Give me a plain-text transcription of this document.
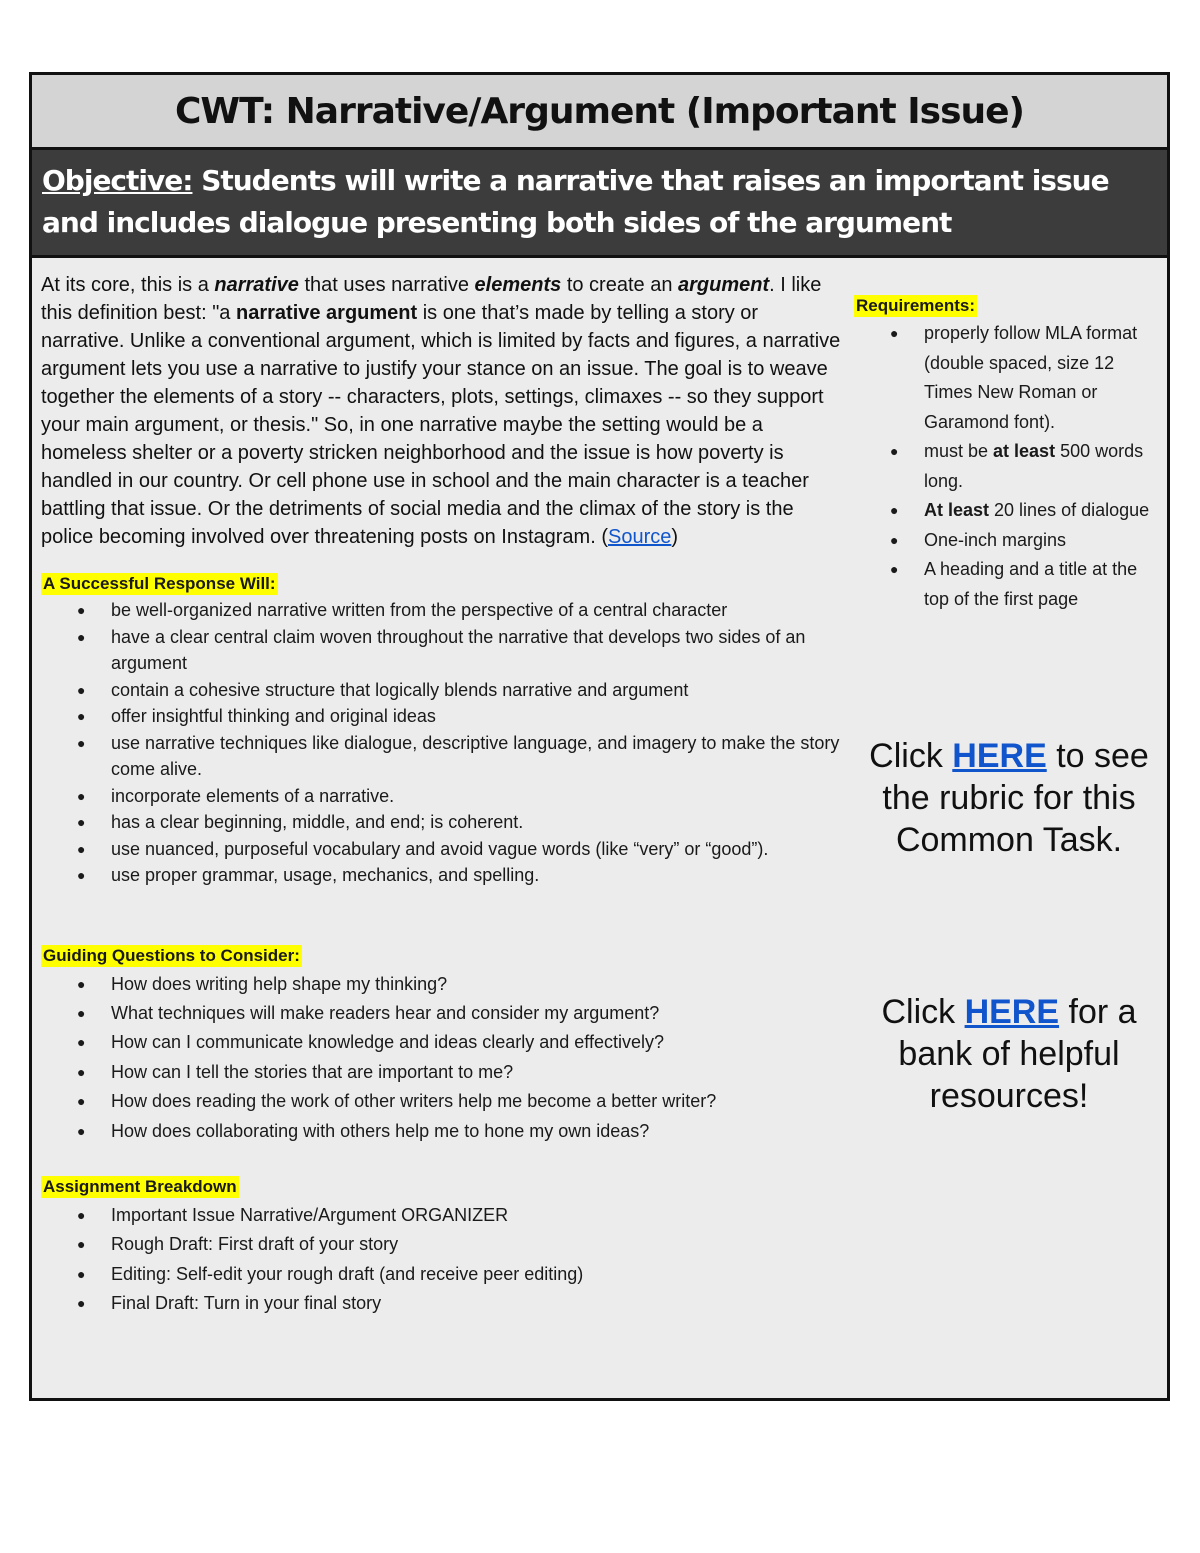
CWT: Narrative/Argument (Important Issue)

Objective: Students will write a narrative that raises an important issue and includes dialogue presenting both sides of the argument

At its core, this is a narrative that uses narrative elements to create an argument. I like this definition best: "a narrative argument is one that’s made by telling a story or narrative. Unlike a conventional argument, which is limited by facts and figures, a narrative argument lets you use a narrative to justify your stance on an issue. The goal is to weave together the elements of a story -- characters, plots, settings, climaxes -- so they support your main argument, or thesis." So, in one narrative maybe the setting would be a homeless shelter or a poverty stricken neighborhood and the issue is how poverty is handled in our country. Or cell phone use in school and the main character is a teacher battling that issue. Or the detriments of social media and the climax of the story is the police becoming involved over threatening posts on Instagram. (Source)

A Successful Response Will:

● be well-organized narrative written from the perspective of a central character
● have a clear central claim woven throughout the narrative that develops two sides of an argument
● contain a cohesive structure that logically blends narrative and argument
● offer insightful thinking and original ideas
● use narrative techniques like dialogue, descriptive language, and imagery to make the story come alive.
● incorporate elements of a narrative.
● has a clear beginning, middle, and end; is coherent.
● use nuanced, purposeful vocabulary and avoid vague words (like “very” or “good”).
● use proper grammar, usage, mechanics, and spelling.

Guiding Questions to Consider:

● How does writing help shape my thinking?
● What techniques will make readers hear and consider my argument?
● How can I communicate knowledge and ideas clearly and effectively?
● How can I tell the stories that are important to me?
● How does reading the work of other writers help me become a better writer?
● How does collaborating with others help me to hone my own ideas?

Assignment Breakdown

● Important Issue Narrative/Argument ORGANIZER
● Rough Draft: First draft of your story
● Editing: Self-edit your rough draft (and receive peer editing)
● Final Draft: Turn in your final story

Requirements:

● properly follow MLA format (double spaced, size 12 Times New Roman or Garamond font).
● must be at least 500 words long.
● At least 20 lines of dialogue
● One-inch margins
● A heading and a title at the top of the first page
Click HERE to see the rubric for this Common Task.
Click HERE for a bank of helpful resources!
